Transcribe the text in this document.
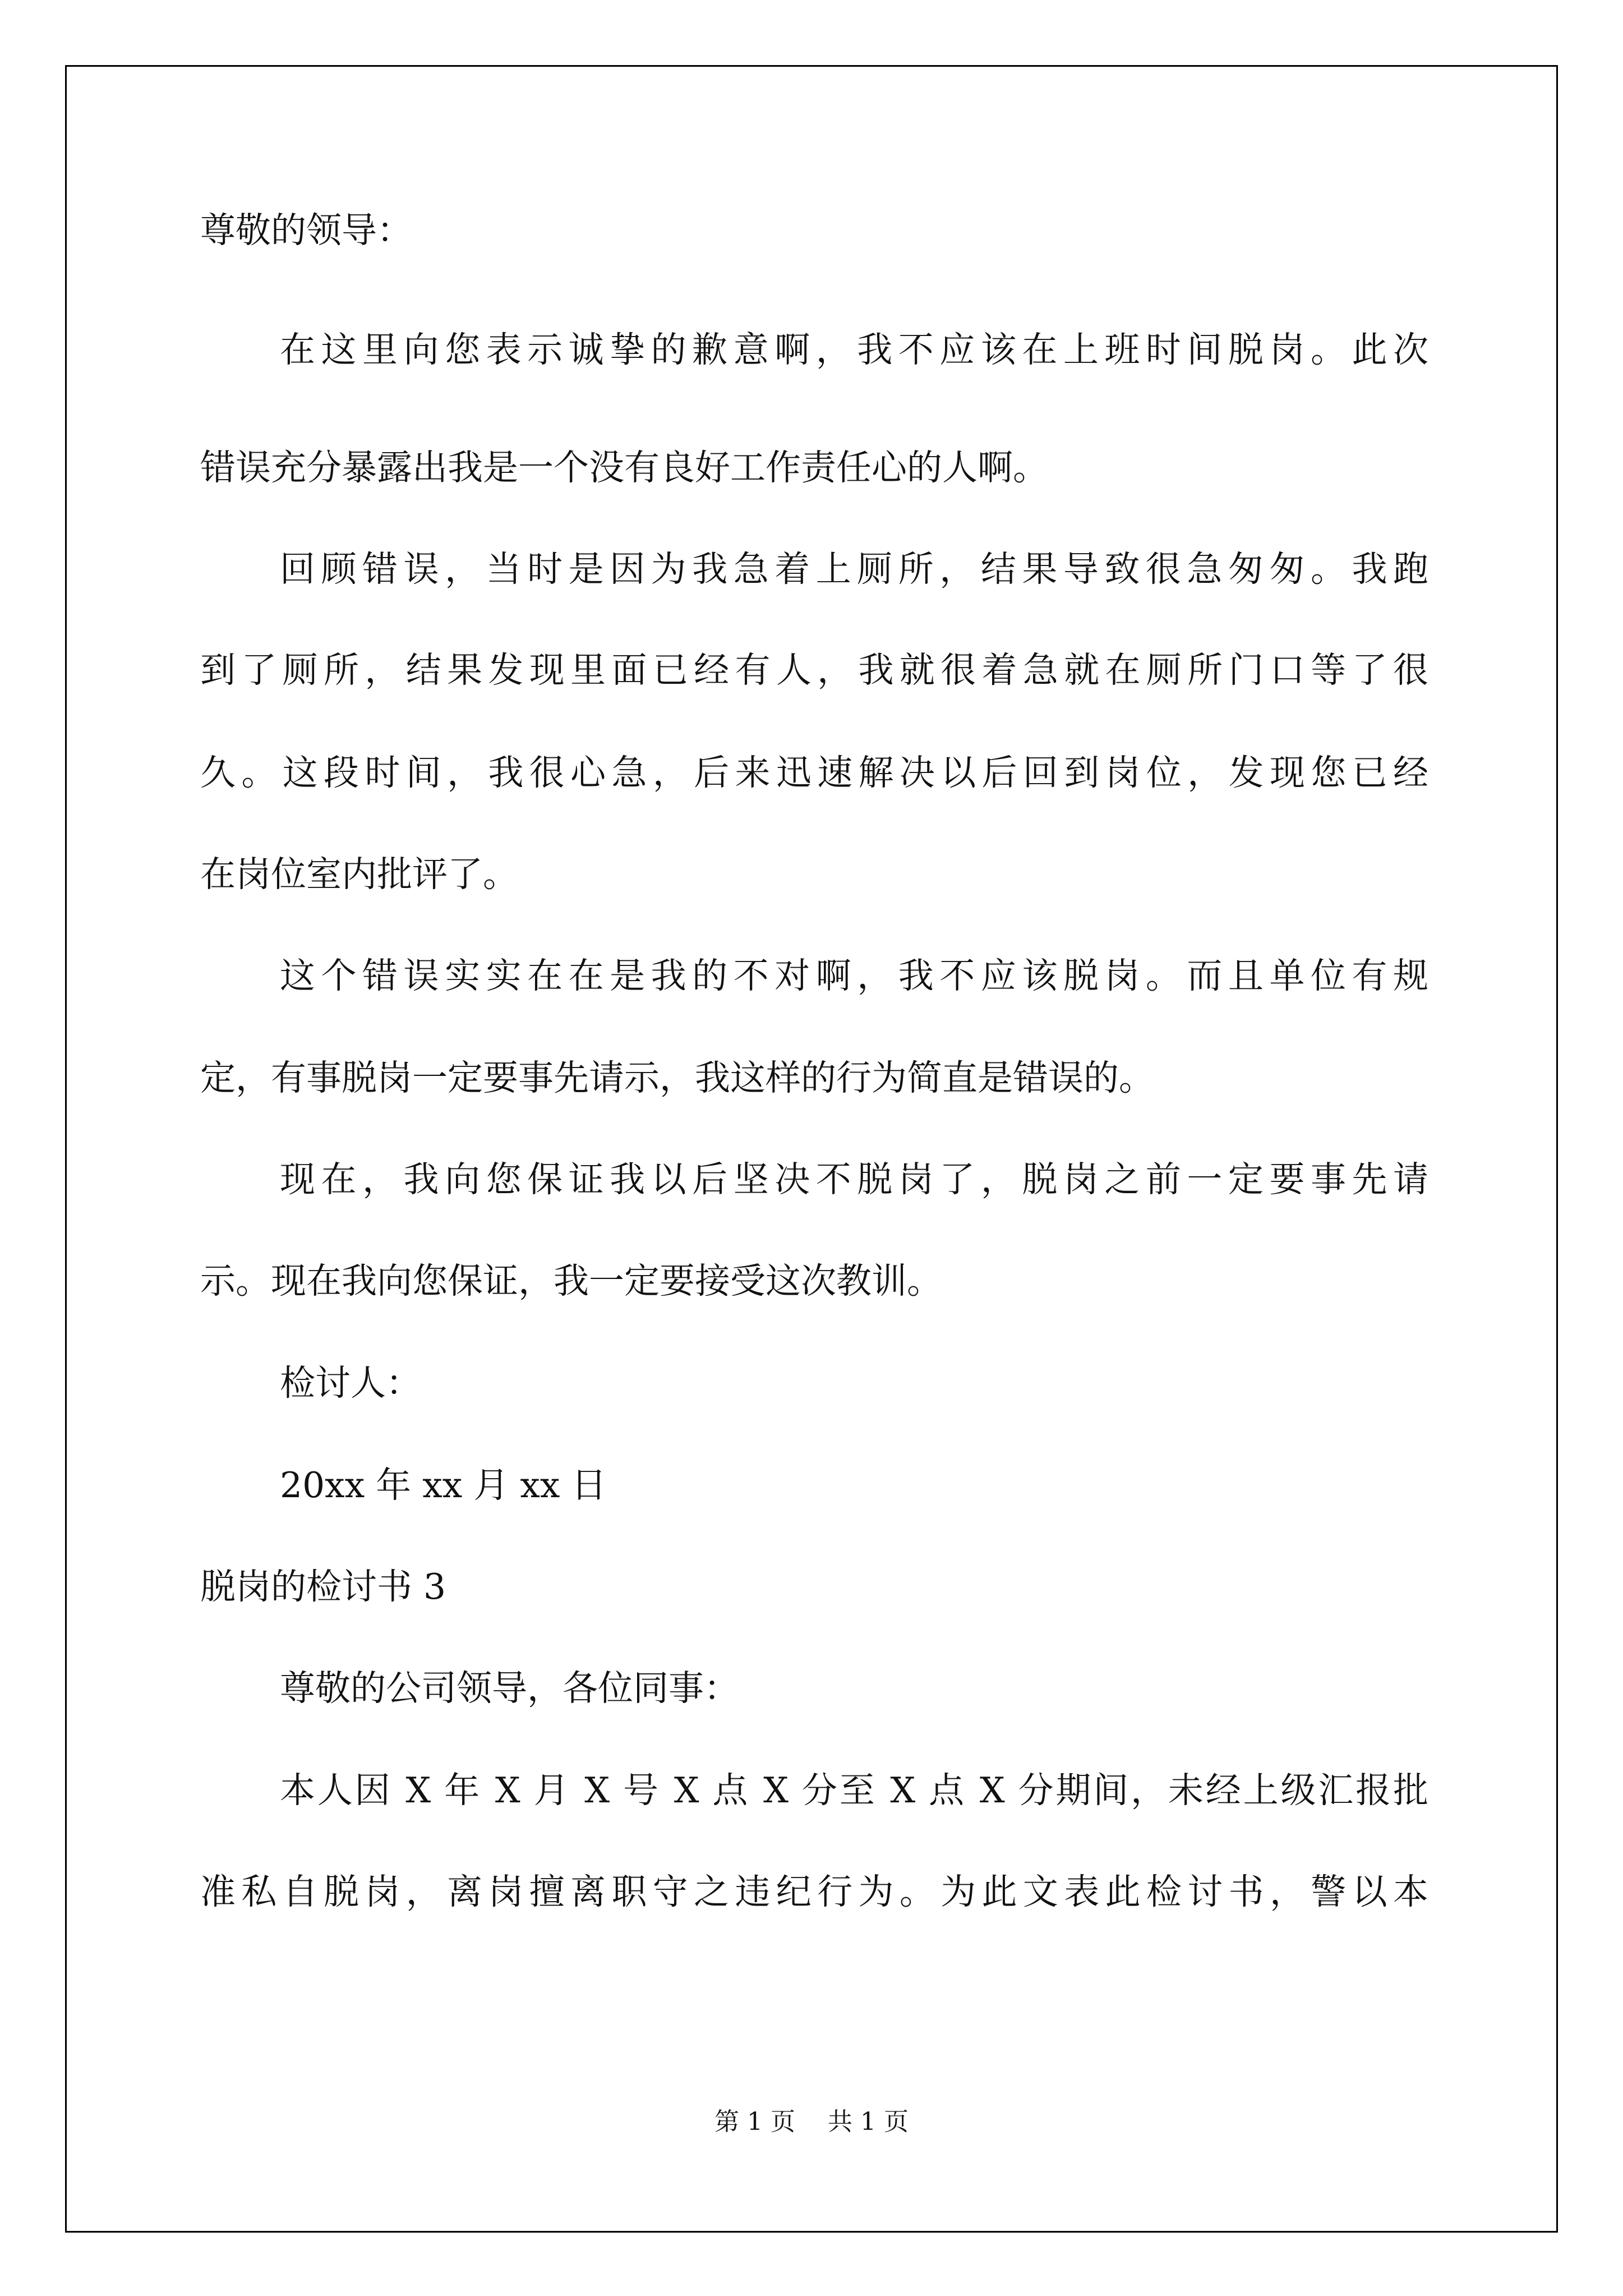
尊敬的领导：
在这里向您表示诚挚的歉意啊，我不应该在上班时间脱岗。此次
错误充分暴露出我是一个没有良好工作责任心的人啊。
回顾错误，当时是因为我急着上厕所，结果导致很急匆匆。我跑
到了厕所，结果发现里面已经有人，我就很着急就在厕所门口等了很
久。这段时间，我很心急，后来迅速解决以后回到岗位，发现您已经
在岗位室内批评了。
这个错误实实在在是我的不对啊，我不应该脱岗。而且单位有规
定，有事脱岗一定要事先请示，我这样的行为简直是错误的。
现在，我向您保证我以后坚决不脱岗了，脱岗之前一定要事先请
示。现在我向您保证，我一定要接受这次教训。
检讨人：
20xx 年 xx 月 xx 日
脱岗的检讨书 3
尊敬的公司领导，各位同事：
本人因 X 年 X 月 X 号 X 点 X 分至 X 点 X 分期间，未经上级汇报批
准私自脱岗，离岗擅离职守之违纪行为。为此文表此检讨书，警以本
第 1 页　 共 1 页
